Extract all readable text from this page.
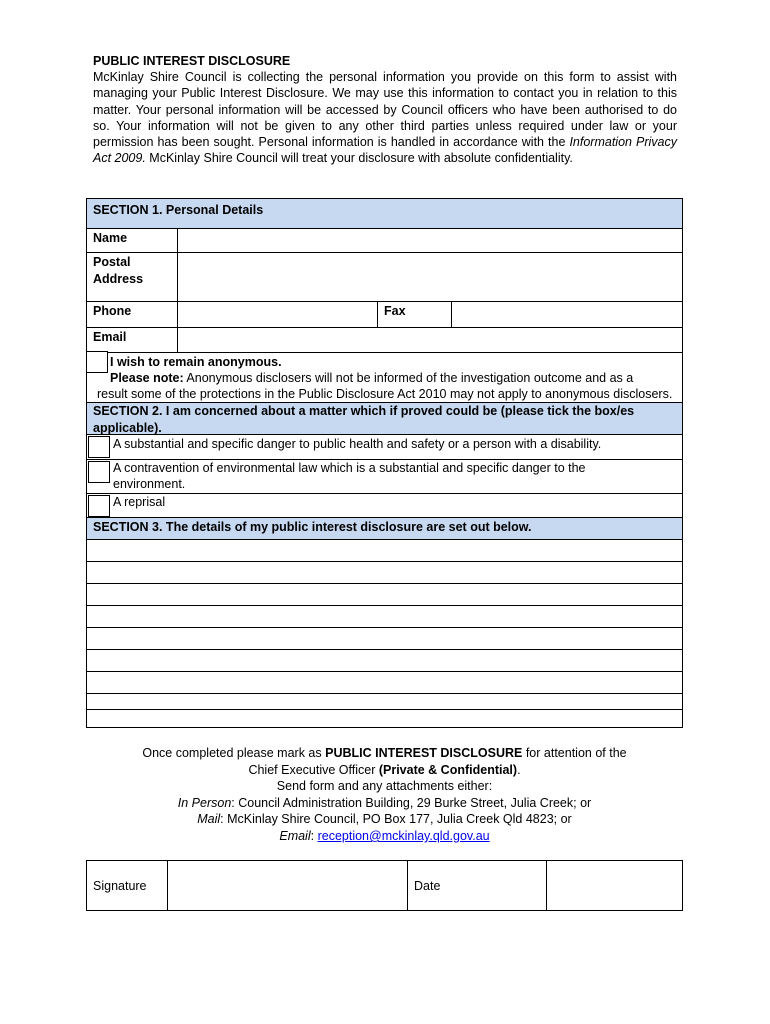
PUBLIC INTEREST DISCLOSURE

McKinlay Shire Council is collecting the personal information you provide on this form to assist with managing your Public Interest Disclosure. We may use this information to contact you in relation to this matter. Your personal information will be accessed by Council officers who have been authorised to do so. Your information will not be given to any other third parties unless required under law or your permission has been sought. Personal information is handled in accordance with the Information Privacy Act 2009. McKinlay Shire Council will treat your disclosure with absolute confidentiality.

SECTION 1. Personal Details
Name
Postal
Address
Phone	Fax
Email
I wish to remain anonymous.
Please note: Anonymous disclosers will not be informed of the investigation outcome and as a
result some of the protections in the Public Disclosure Act 2010 may not apply to anonymous disclosers.
SECTION 2. I am concerned about a matter which if proved could be (please tick the box/es
applicable).
A substantial and specific danger to public health and safety or a person with a disability.
A contravention of environmental law which is a substantial and specific danger to the
environment.
A reprisal
SECTION 3. The details of my public interest disclosure are set out below.
Once completed please mark as PUBLIC INTEREST DISCLOSURE for attention of the
Chief Executive Officer (Private & Confidential).
Send form and any attachments either:
In Person: Council Administration Building, 29 Burke Street, Julia Creek; or
Mail: McKinlay Shire Council, PO Box 177, Julia Creek Qld 4823; or
Email: reception@mckinlay.qld.gov.au
Signature	Date
